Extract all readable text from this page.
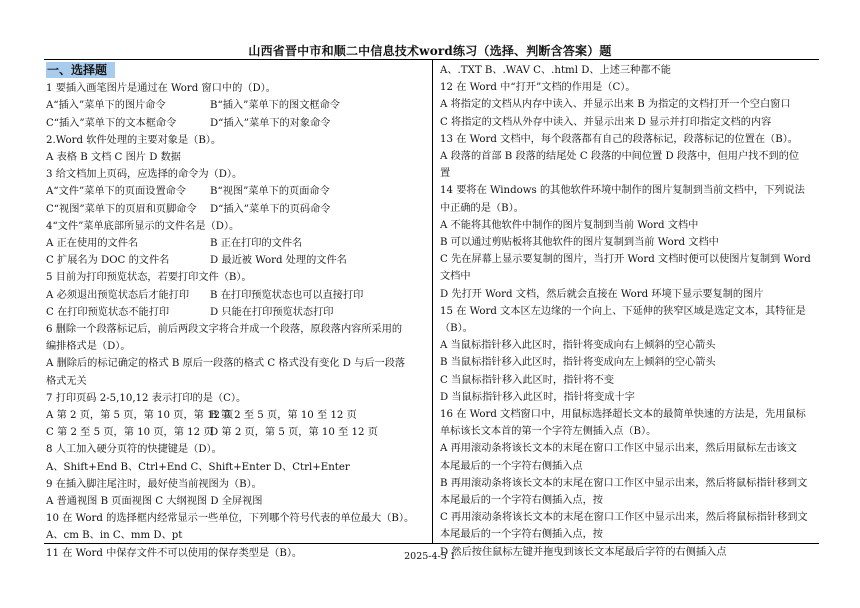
山西省晋中市和顺二中信息技术word练习（选择、判断含答案）题
一、选择题
1 要插入画笔图片是通过在 Word 窗口中的（D）。
A“插入”菜单下的图片命令	B“插入”菜单下的图文框命令
C“插入”菜单下的文本框命令	D“插入”菜单下的对象命令
2.Word 软件处理的主要对象是（B）。
A 表格 B 文档 C 图片 D 数据
3 给文档加上页码，应选择的命令为（D）。
A“文件”菜单下的页面设置命令 B“视图”菜单下的页面命令
C“视图”菜单下的页眉和页脚命令 D“插入”菜单下的页码命令
4“文件”菜单底部所显示的文件名是（D）。
A 正在使用的文件名	B 正在打印的文件名
C 扩展名为 DOC 的文件名	D 最近被 Word 处理的文件名
5 目前为打印预览状态，若要打印文件（B）。
A 必须退出预览状态后才能打印 B 在打印预览状态也可以直接打印
C 在打印预览状态不能打印	D 只能在打印预览状态打印
6 删除一个段落标记后，前后两段文字将合并成一个段落，原段落内容所采用的
编排格式是（D）。
A 删除后的标记确定的格式 B 原后一段落的格式 C 格式没有变化 D 与后一段落
格式无关
7 打印页码 2-5,10,12 表示打印的是（C）。
A 第 2 页，第 5 页，第 10 页，第 12 页B 第 2 至 5 页，第 10 至 12 页
C 第 2 至 5 页，第 10 页，第 12 页D 第 2 页，第 5 页，第 10 至 12 页
8 人工加入硬分页符的快捷键是（D）。
A、Shift+End B、Ctrl+End C、Shift+Enter D、Ctrl+Enter
9 在插入脚注尾注时，最好使当前视图为（B）。
A 普通视图 B 页面视图 C 大纲视图 D 全屏视图
10 在 Word 的选择框内经常显示一些单位，下列哪个符号代表的单位最大（B）。
A、cm B、in C、mm D、pt
11 在 Word 中保存文件不可以使用的保存类型是（B）。
A、.TXT B、.WAV C、.html D、上述三种都不能
12 在 Word 中“打开”文档的作用是（C）。
A 将指定的文档从内存中读入、并显示出来 B 为指定的文档打开一个空白窗口
C 将指定的文档从外存中读入、并显示出来 D 显示并打印指定文档的内容
13 在 Word 文档中，每个段落都有自己的段落标记，段落标记的位置在（B）。
A 段落的首部 B 段落的结尾处 C 段落的中间位置 D 段落中，但用户找不到的位
置
14 要将在 Windows 的其他软件环境中制作的图片复制到当前文档中，下列说法
中正确的是（B）。
A 不能将其他软件中制作的图片复制到当前 Word 文档中
B 可以通过剪贴板将其他软件的图片复制到当前 Word 文档中
C 先在屏幕上显示要复制的图片，当打开 Word 文档时便可以使图片复制到 Word
文档中
D 先打开 Word 文档，然后就会直接在 Word 环境下显示要复制的图片
15 在 Word 文本区左边缘的一个向上、下延伸的狭窄区域是选定文本，其特征是
（B）。
A 当鼠标指针移入此区时，指针将变成向右上倾斜的空心箭头
B 当鼠标指针移入此区时，指针将变成向左上倾斜的空心箭头
C 当鼠标指针移入此区时，指针将不变
D 当鼠标指针移入此区时，指针将变成十字
16 在 Word 文档窗口中，用鼠标选择超长文本的最简单快速的方法是，先用鼠标
单标该长文本首的第一个字符左侧插入点（B）。
A 再用滚动条将该长文本的末尾在窗口工作区中显示出来，然后用鼠标左击该文
本尾最后的一个字符右侧插入点
B 再用滚动条将该长文本的末尾在窗口工作区中显示出来，然后将鼠标指针移到文
本尾最后的一个字符右侧插入点，按
C 再用滚动条将该长文本的末尾在窗口工作区中显示出来，然后将鼠标指针移到文
本尾最后的一个字符右侧插入点，按
D 然后按住鼠标左键并拖曳到该长文本尾最后字符的右侧插入点
2025-4-5 1
